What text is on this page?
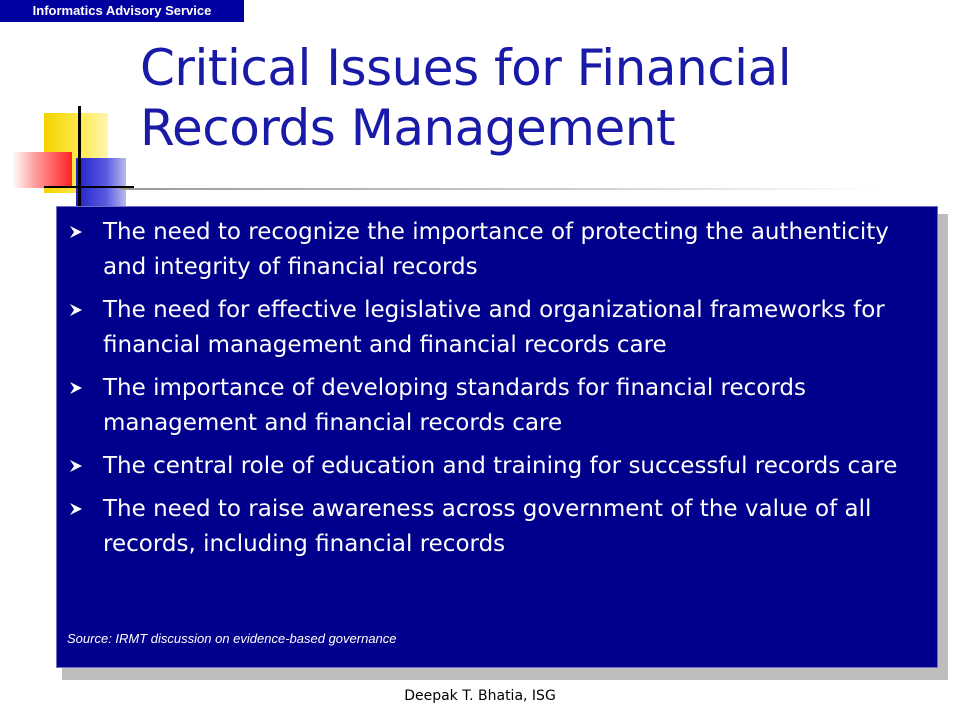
Informatics Advisory Service
Critical Issues for Financial Records Management
The need to recognize the importance of protecting the authenticity and integrity of financial records
The need for effective legislative and organizational frameworks for financial management and financial records care
The importance of developing standards for financial records management and financial records care
The central role of education and training for successful records care
The need to raise awareness across government of the value of all records, including financial records
Source: IRMT discussion on evidence-based governance
Deepak T. Bhatia, ISG
